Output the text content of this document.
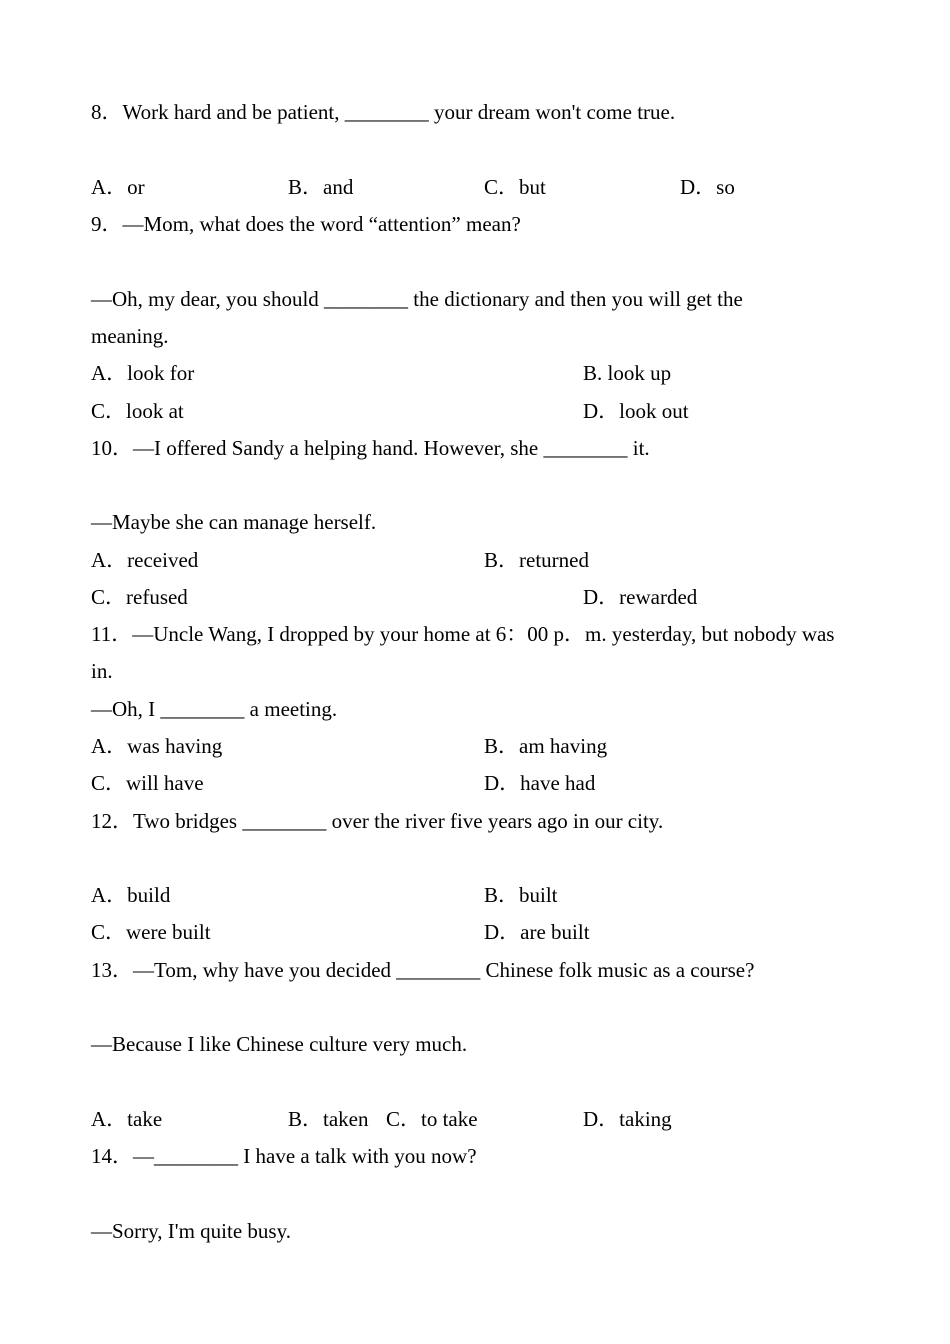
8．Work hard and be patient, ________ your dream won't come true.
A．or	B．and	C．but	D．so
9．—Mom, what does the word “attention” mean?
—Oh, my dear, you should ________ the dictionary and then you will get the
meaning.
A．look for	B. look up
C．look at	D．look out
10．—I offered Sandy a helping hand. However, she ________ it.
—Maybe she can manage herself.
A．received	B．returned
C．refused	D．rewarded
11．—Uncle Wang, I dropped by your home at 6：00 p．m. yesterday, but nobody was
in.
—Oh, I ________ a meeting.
A．was having	B．am having
C．will have	D．have had
12．Two bridges ________ over the river five years ago in our city.
A．build	B．built
C．were built	D．are built
13．—Tom, why have you decided ________ Chinese folk music as a course?
—Because I like Chinese culture very much.
A．take	B．taken C．to take	D．taking
14．—________ I have a talk with you now?
—Sorry, I'm quite busy.
